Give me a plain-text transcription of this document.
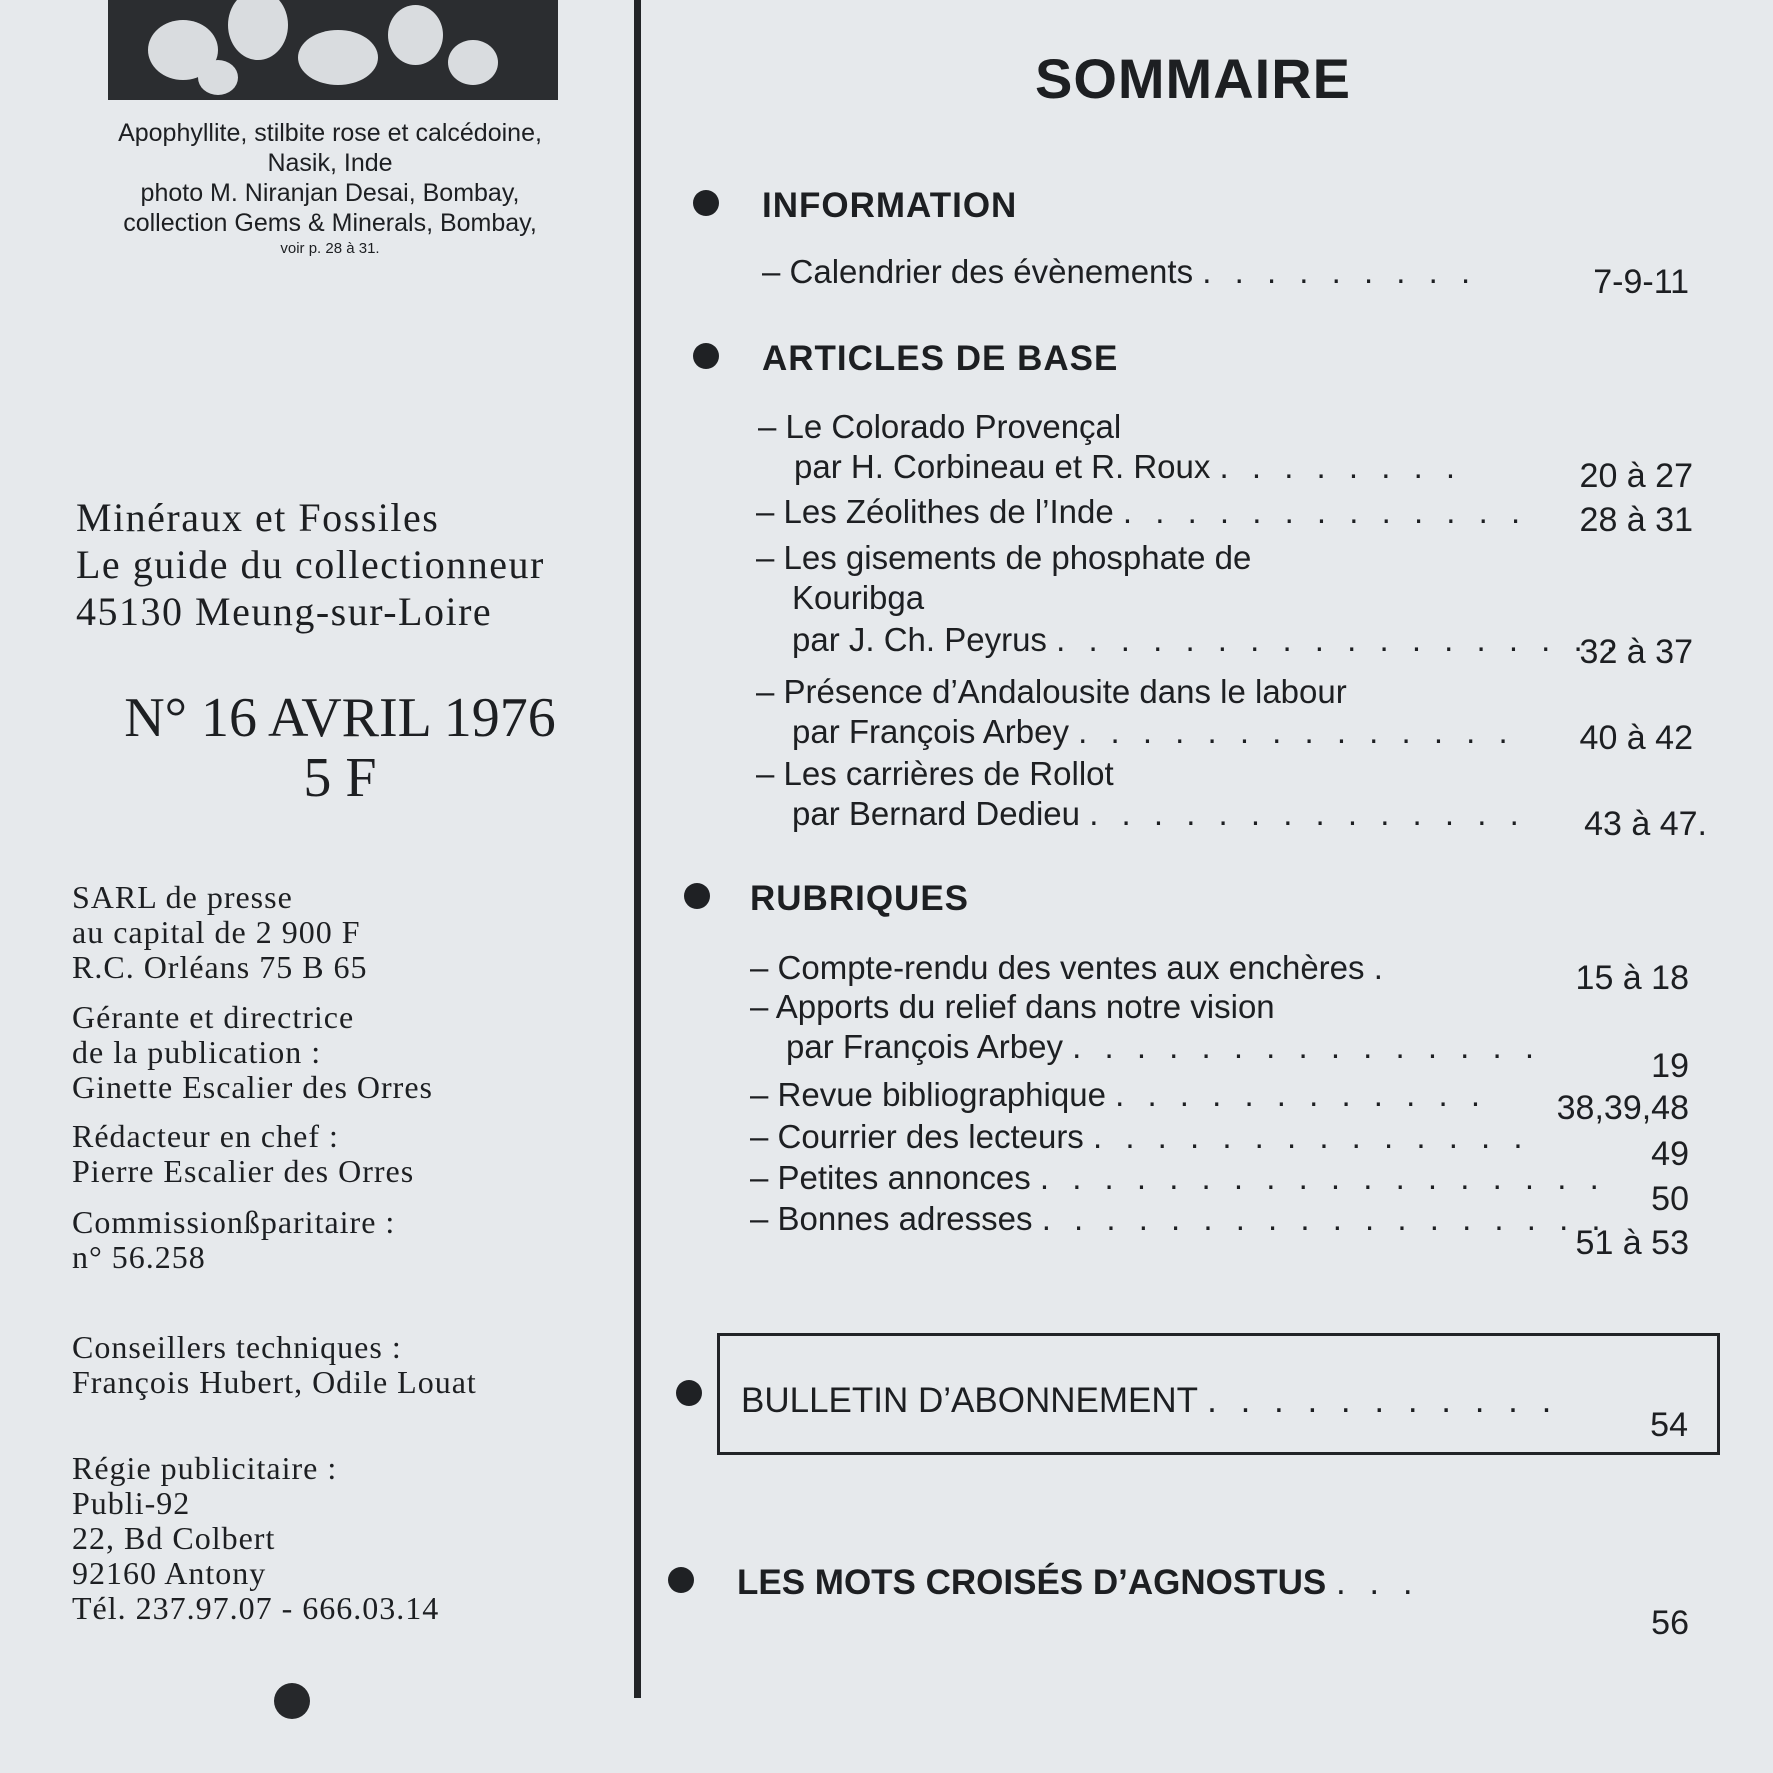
Apophyllite, stilbite rose et calcédoine,
Nasik, Inde
photo M. Niranjan Desai, Bombay,
collection Gems & Minerals, Bombay,
voir p. 28 à 31.
Minéraux et Fossiles
Le guide du collectionneur
45130 Meung-sur-Loire
N° 16 AVRIL 1976
5 F
SARL de presse
au capital de 2 900 F
R.C. Orléans 75 B 65
Gérante et directrice
de la publication :
Ginette Escalier des Orres
Rédacteur en chef :
Pierre Escalier des Orres
Commissionßparitaire :
n° 56.258
Conseillers techniques :
François Hubert, Odile Louat
Régie publicitaire :
Publi-92
22, Bd Colbert
92160 Antony
Tél. 237.97.07 - 666.03.14
SOMMAIRE
INFORMATION
– Calendrier des évènements . . . . . . . . .	7-9-11
ARTICLES DE BASE
– Le Colorado Provençal
par H. Corbineau et R. Roux . . . . . . . .	20 à 27
– Les Zéolithes de l’Inde . . . . . . . . . . . . . 28 à 31
– Les gisements de phosphate de
Kouribga
par J. Ch. Peyrus . . . . . . . . . . . . . . . . . .
32 à 37
– Présence d’Andalousite dans le labour
par François Arbey . . . . . . . . . . . . . . 40 à 42
– Les carrières de Rollot
par Bernard Dedieu . . . . . . . . . . . . . . 43 à 47.
RUBRIQUES
– Compte-rendu des ventes aux enchères .	15 à 18
– Apports du relief dans notre vision
par François Arbey . . . . . . . . . . . . . . .
19
– Revue bibliographique . . . . . . . . . . . . 38,39,48
– Courrier des lecteurs . . . . . . . . . . . . . .	49
– Petites annonces . . . . . . . . . . . . . . . . . .
50
– Bonnes adresses . . . . . . . . . . . . . . . . . .
51 à 53
BULLETIN D’ABONNEMENT . . . . . . . . . . .
54
LES MOTS CROISÉS D’AGNOSTUS . . .
56
